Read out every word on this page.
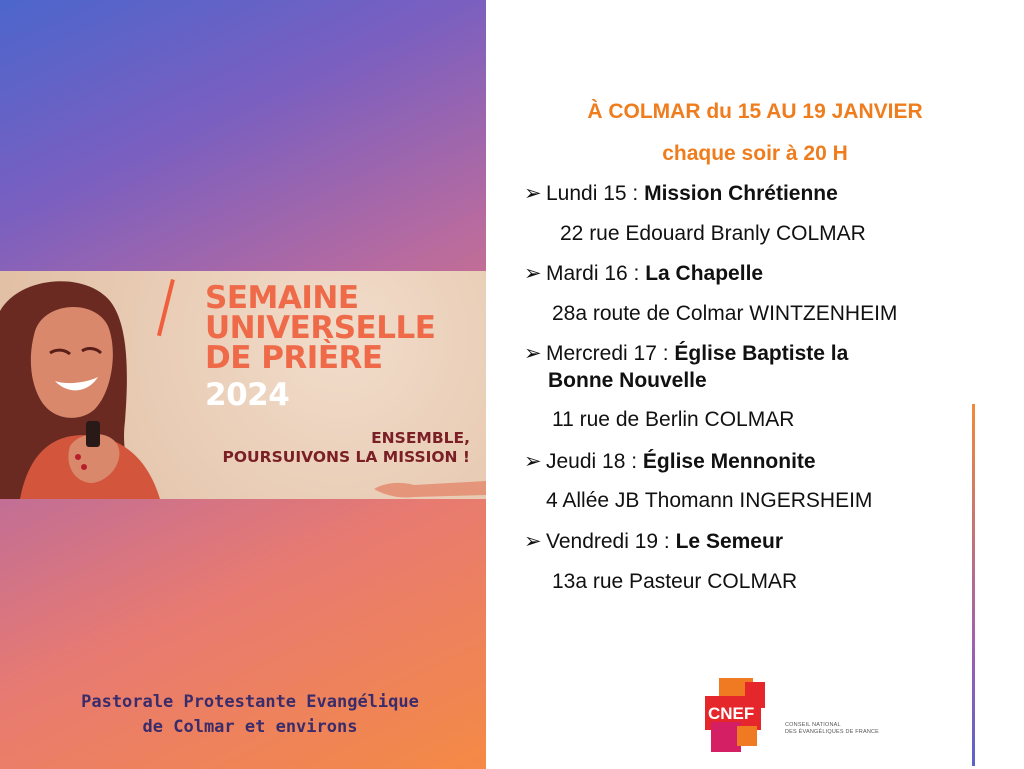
SEMAINE
UNIVERSELLE
DE PRIÈRE
2024
ENSEMBLE,
POURSUIVONS LA MISSION !
Pastorale Protestante Evangélique
de Colmar et environs
À COLMAR du 15 AU 19 JANVIER
chaque soir à 20 H
➢ Lundi 15 : Mission Chrétienne
22 rue Edouard Branly COLMAR
➢ Mardi 16 : La Chapelle
28a route de Colmar WINTZENHEIM
➢ Mercredi 17 : Église Baptiste la
Bonne Nouvelle
11 rue de Berlin COLMAR
➢ Jeudi 18 : Église Mennonite
4 Allée JB Thomann INGERSHEIM
➢ Vendredi 19 : Le Semeur
13a rue Pasteur COLMAR
CNEF
CONSEIL NATIONAL
DES ÉVANGÉLIQUES DE FRANCE
